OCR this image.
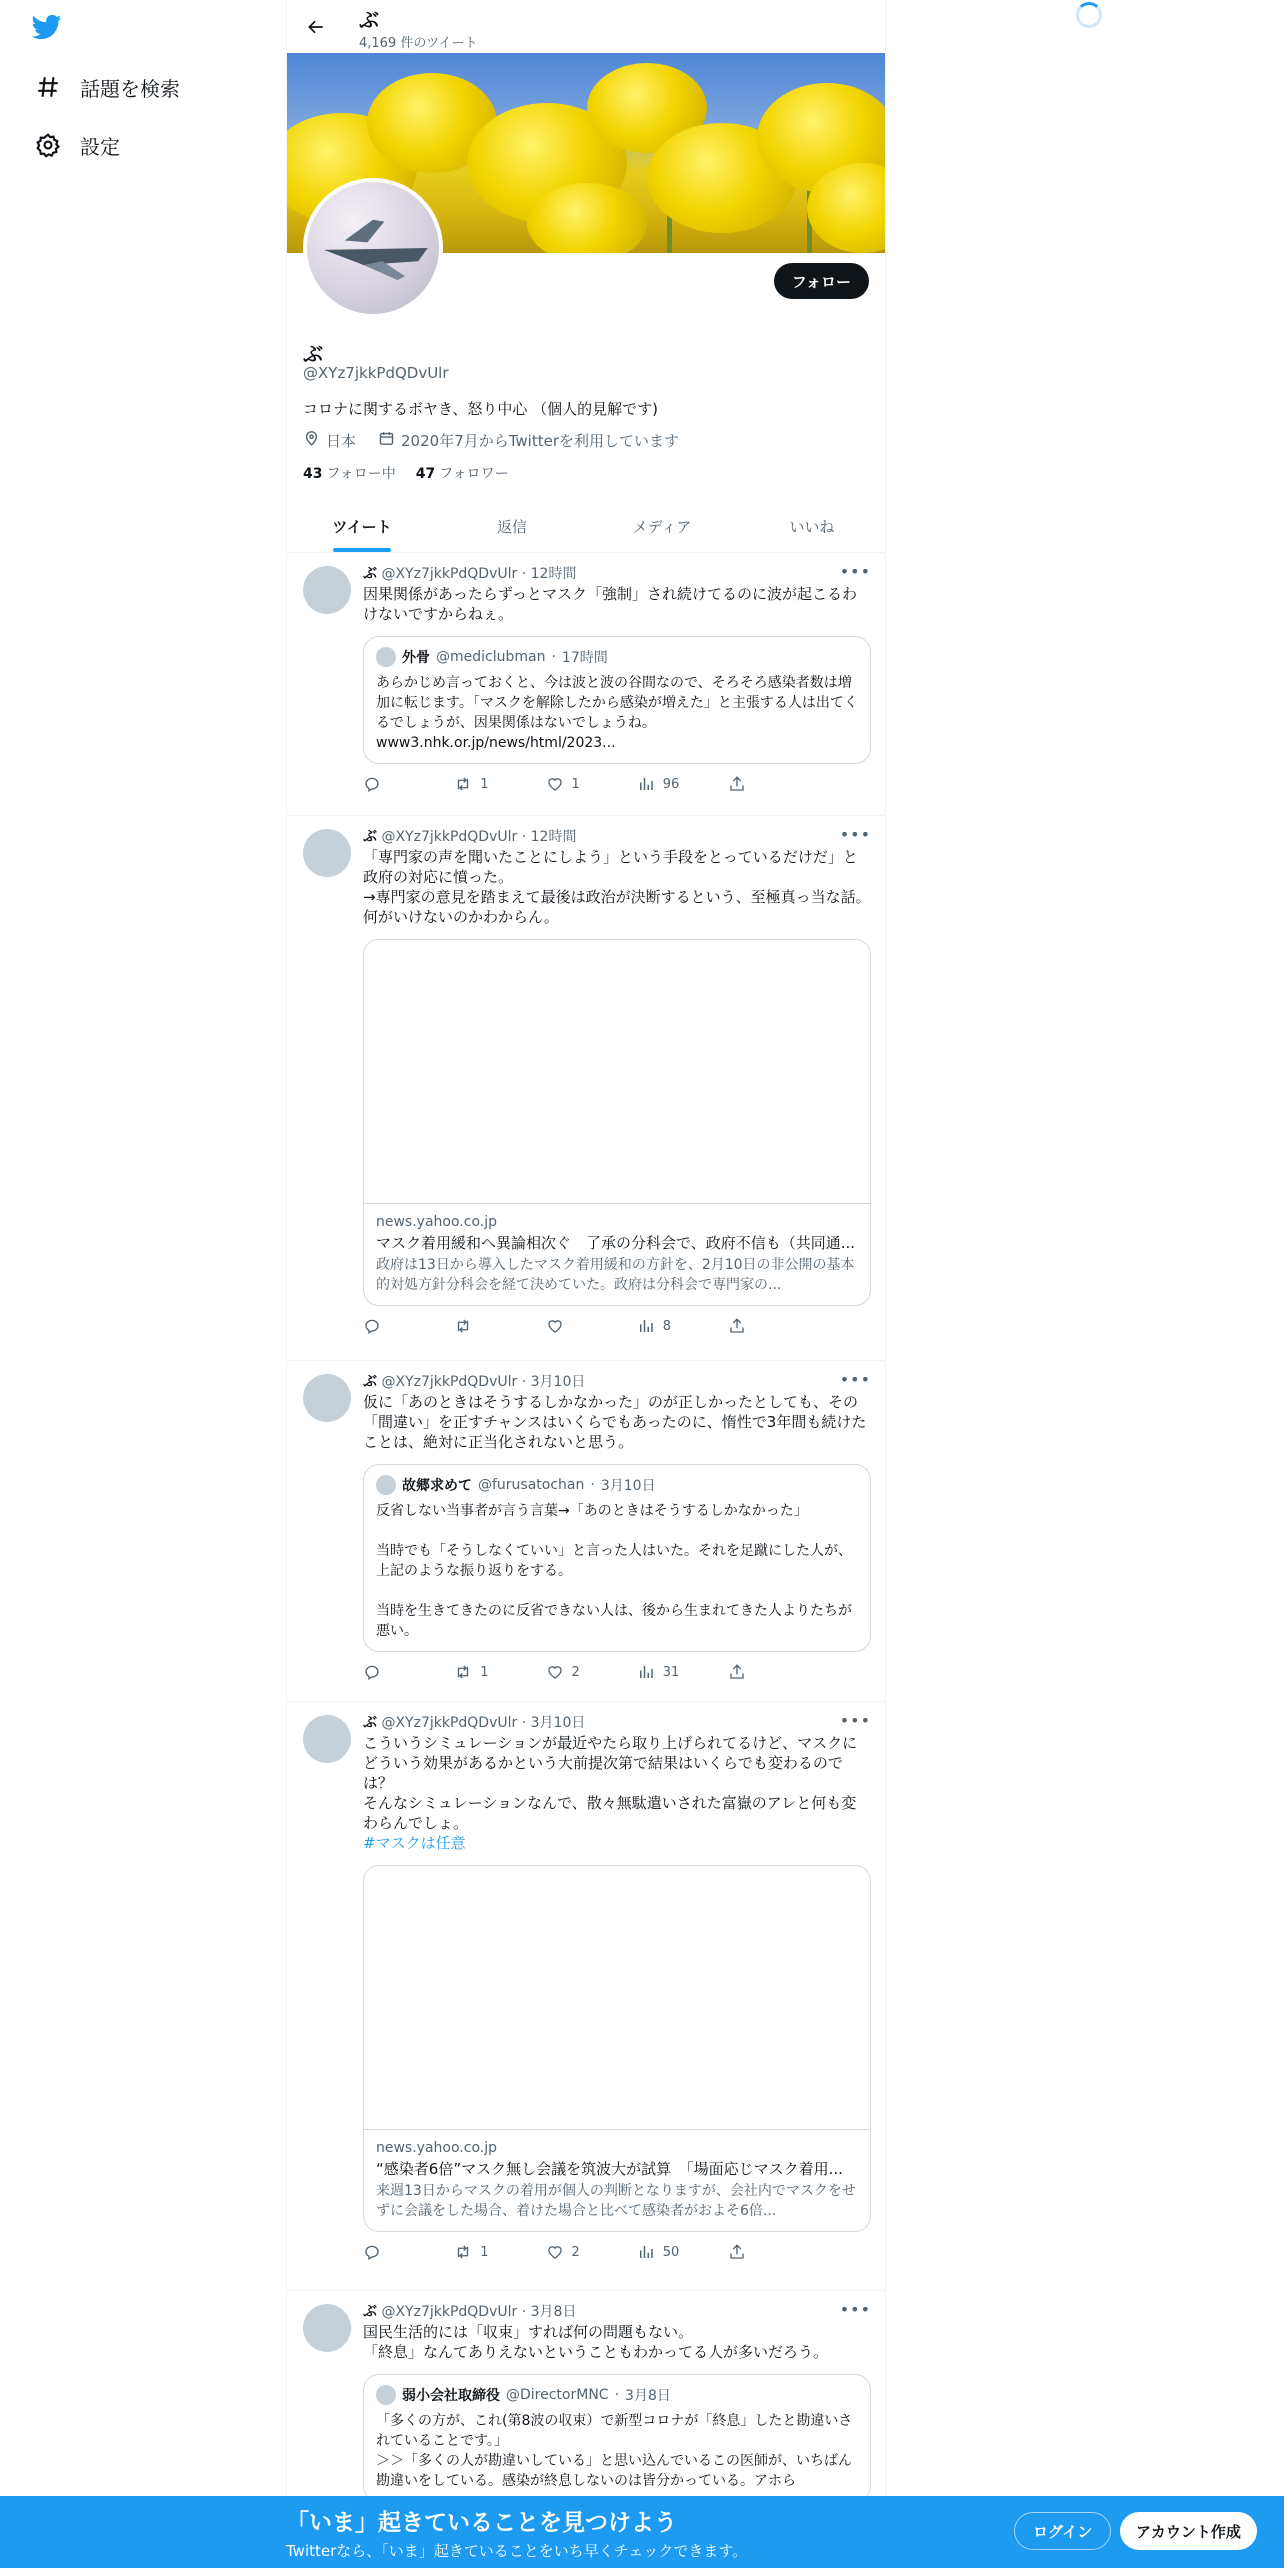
話題を検索
設定
ぶ
4,169 件のツイート
フォロー
ぶ
@XYz7jkkPdQDvUlr
コロナに関するボヤき、怒り中心 （個人的見解です)
日本	2020年7月からTwitterを利用しています
43 フォロー中 47 フォロワー
ツイート	返信	メディア	いいね
•••
ぶ @XYz7jkkPdQDvUlr · 12時間
因果関係があったらずっとマスク「強制」され続けてるのに波が起こるわけないですからねぇ。
外骨 @mediclubman · 17時間
あらかじめ言っておくと、今は波と波の谷間なので、そろそろ感染者数は増加に転じます。「マスクを解除したから感染が増えた」と主張する人は出てくるでしょうが、因果関係はないでしょうね。
www3.nhk.or.jp/news/html/2023...
1	1	96
•••
ぶ @XYz7jkkPdQDvUlr · 12時間
「専門家の声を聞いたことにしよう」という手段をとっているだけだ」と政府の対応に憤った。
→専門家の意見を踏まえて最後は政治が決断するという、至極真っ当な話。何がいけないのかわからん。
news.yahoo.co.jp
マスク着用緩和へ異論相次ぐ　了承の分科会で、政府不信も（共同通...
政府は13日から導入したマスク着用緩和の方針を、2月10日の非公開の基本的対処方針分科会を経て決めていた。政府は分科会で専門家の...
8
•••
ぶ @XYz7jkkPdQDvUlr · 3月10日
仮に「あのときはそうするしかなかった」のが正しかったとしても、その「間違い」を正すチャンスはいくらでもあったのに、惰性で3年間も続けたことは、絶対に正当化されないと思う。
故郷求めて @furusatochan · 3月10日
反省しない当事者が言う言葉→「あのときはそうするしかなかった」

当時でも「そうしなくていい」と言った人はいた。それを足蹴にした人が、上記のような振り返りをする。

当時を生きてきたのに反省できない人は、後から生まれてきた人よりたちが悪い。
1	2	31
•••
ぶ @XYz7jkkPdQDvUlr · 3月10日
こういうシミュレーションが最近やたら取り上げられてるけど、マスクにどういう効果があるかという大前提次第で結果はいくらでも変わるのでは？
そんなシミュレーションなんで、散々無駄遣いされた富嶽のアレと何も変わらんでしょ。
#マスクは任意
news.yahoo.co.jp
“感染者6倍”マスク無し会議を筑波大が試算　「場面応じマスク着用...
来週13日からマスクの着用が個人の判断となりますが、会社内でマスクをせずに会議をした場合、着けた場合と比べて感染者がおよそ6倍...
1	2	50
•••
ぶ @XYz7jkkPdQDvUlr · 3月8日
国民生活的には「収束」すれば何の問題もない。
「終息」なんてありえないということもわかってる人が多いだろう。
弱小会社取締役 @DirectorMNC · 3月8日
「多くの方が、これ(第8波の収束）で新型コロナが「終息」したと勘違いされていることです。」
＞＞「多くの人が勘違いしている」と思い込んでいるこの医師が、いちばん勘違いをしている。感染が終息しないのは皆分かっている。アホら
「いま」起きていることを見つけよう
Twitterなら、「いま」起きていることをいち早くチェックできます。
ログイン	アカウント作成
